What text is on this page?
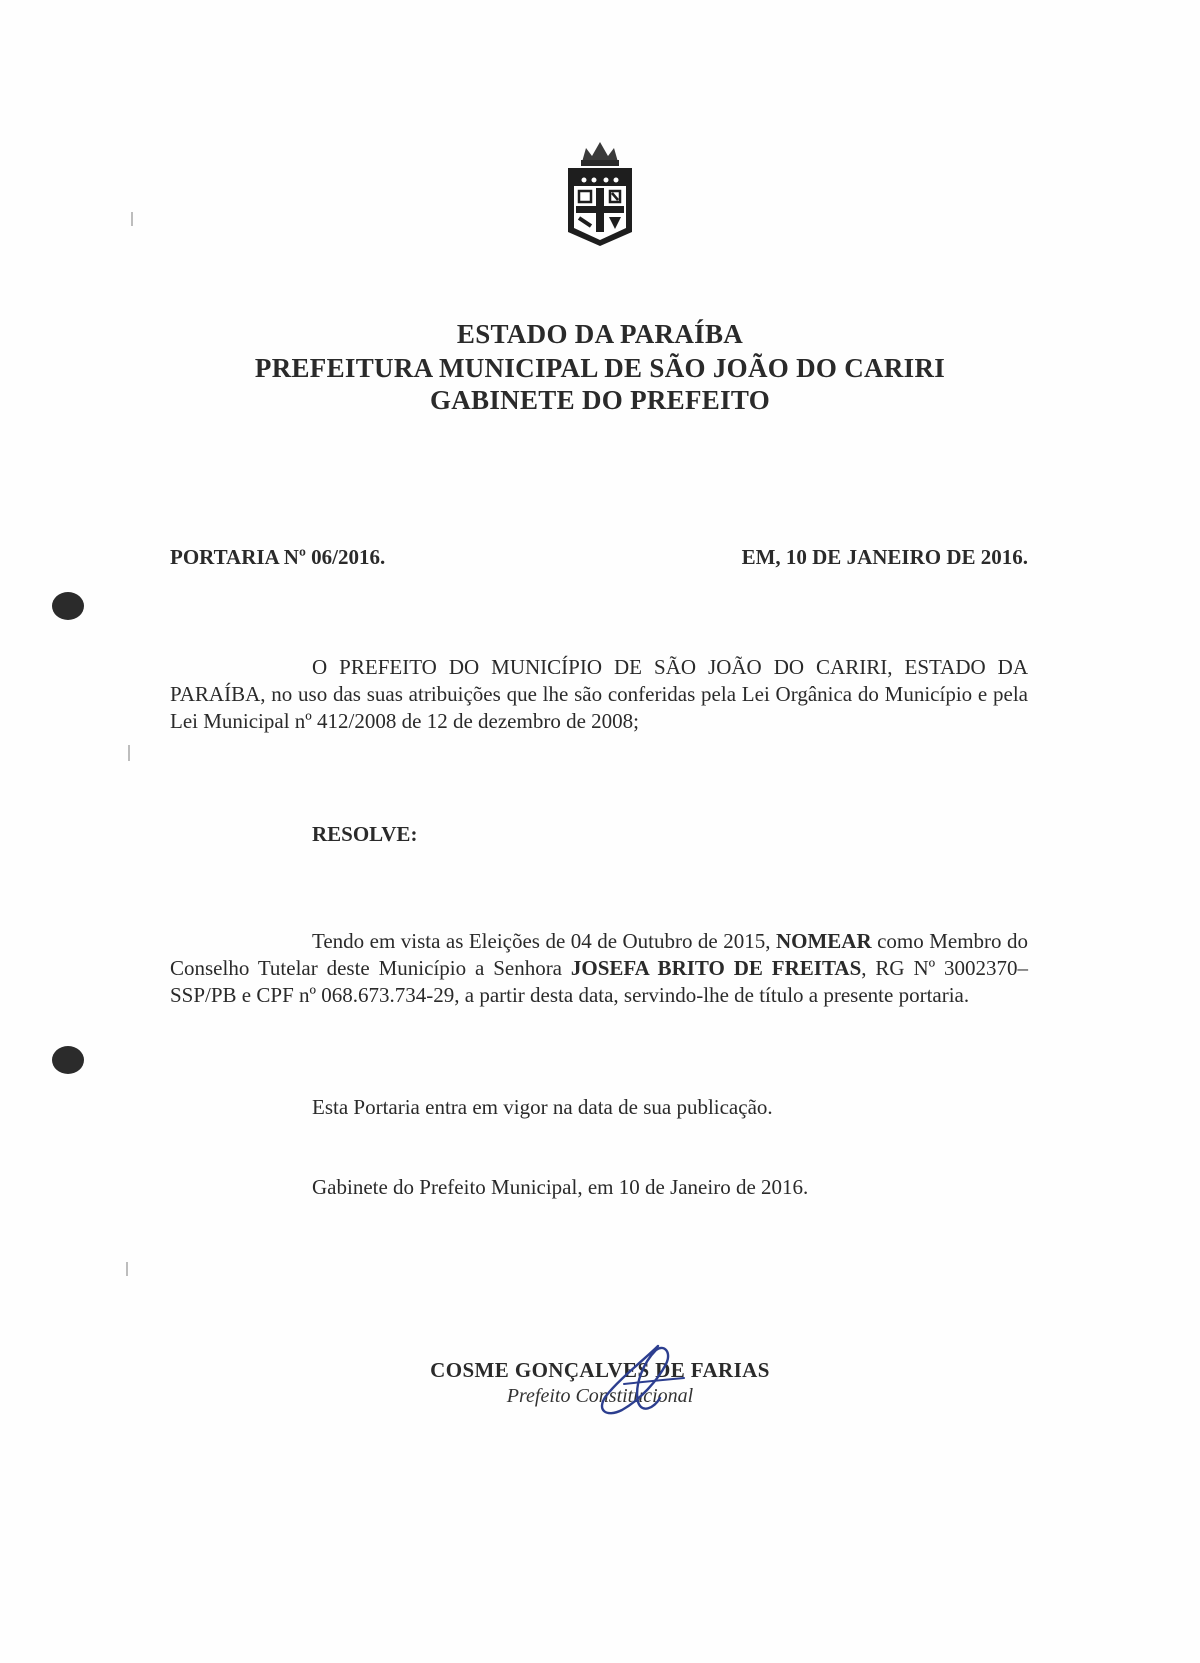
ESTADO DA PARAÍBA
PREFEITURA MUNICIPAL DE SÃO JOÃO DO CARIRI
GABINETE DO PREFEITO
PORTARIA Nº 06/2016.	EM, 10 DE JANEIRO DE 2016.
O PREFEITO DO MUNICÍPIO DE SÃO JOÃO DO CARIRI, ESTADO DA PARAÍBA, no uso das suas atribuições que lhe são conferidas pela Lei Orgânica do Município e pela Lei Municipal nº 412/2008 de 12 de dezembro de 2008;
RESOLVE:
Tendo em vista as Eleições de 04 de Outubro de 2015, NOMEAR como Membro do Conselho Tutelar deste Município a Senhora JOSEFA BRITO DE FREITAS, RG Nº 3002370– SSP/PB e CPF nº 068.673.734-29, a partir desta data, servindo-lhe de título a presente portaria.
Esta Portaria entra em vigor na data de sua publicação.
Gabinete do Prefeito Municipal, em 10 de Janeiro de 2016.
COSME GONÇALVES DE FARIAS
Prefeito Constitucional
